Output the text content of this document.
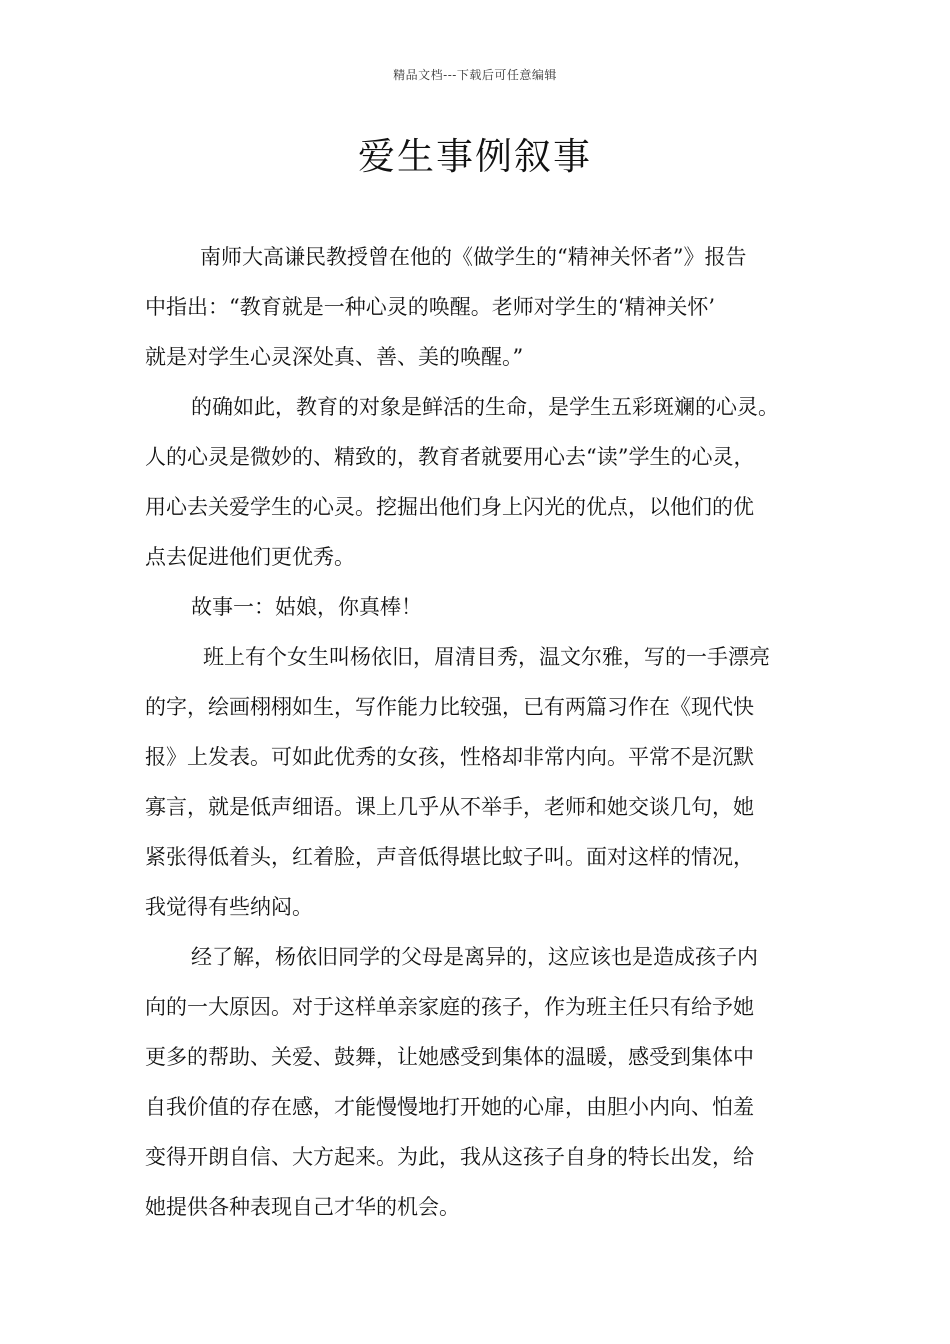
精品文档---下载后可任意编辑
爱生事例叙事
南师大高谦民教授曾在他的《做学生的“精神关怀者”》报告
中指出：“教育就是一种心灵的唤醒。老师对学生的‘精神关怀’
就是对学生心灵深处真、善、美的唤醒。”
的确如此，教育的对象是鲜活的生命，是学生五彩斑斓的心灵。
人的心灵是微妙的、精致的，教育者就要用心去“读”学生的心灵，
用心去关爱学生的心灵。挖掘出他们身上闪光的优点，以他们的优
点去促进他们更优秀。
故事一：姑娘，你真棒！
班上有个女生叫杨依旧，眉清目秀，温文尔雅，写的一手漂亮
的字，绘画栩栩如生，写作能力比较强，已有两篇习作在《现代快
报》上发表。可如此优秀的女孩，性格却非常内向。平常不是沉默
寡言，就是低声细语。课上几乎从不举手，老师和她交谈几句，她
紧张得低着头，红着脸，声音低得堪比蚊子叫。面对这样的情况，
我觉得有些纳闷。
经了解，杨依旧同学的父母是离异的，这应该也是造成孩子内
向的一大原因。对于这样单亲家庭的孩子，作为班主任只有给予她
更多的帮助、关爱、鼓舞，让她感受到集体的温暖，感受到集体中
自我价值的存在感，才能慢慢地打开她的心扉，由胆小内向、怕羞
变得开朗自信、大方起来。为此，我从这孩子自身的特长出发，给
她提供各种表现自己才华的机会。
